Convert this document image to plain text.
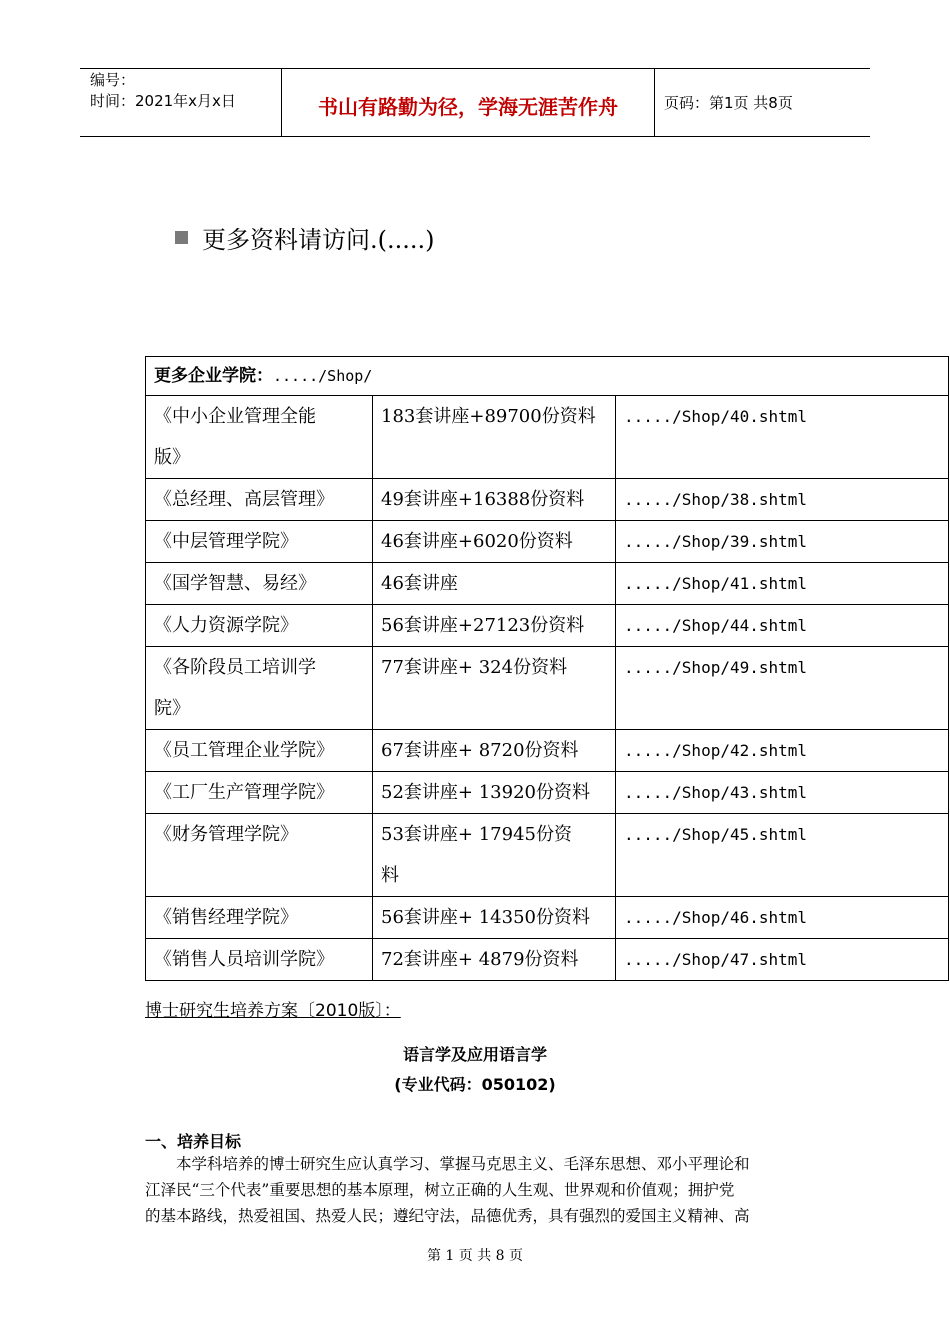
编号：
时间：2021年x月x日	书山有路勤为径，学海无涯苦作舟	页码：第1页 共8页
更多资料请访问.(.....)
更多企业学院：...../Shop/		

《中小企业管理全能
版》	183套讲座+89700份资料	...../Shop/40.shtml

《总经理、高层管理》	49套讲座+16388份资料	...../Shop/38.shtml

《中层管理学院》	46套讲座+6020份资料	...../Shop/39.shtml

《国学智慧、易经》	46套讲座	...../Shop/41.shtml

《人力资源学院》	56套讲座+27123份资料	...../Shop/44.shtml

《各阶段员工培训学
院》	77套讲座+ 324份资料	...../Shop/49.shtml

《员工管理企业学院》	67套讲座+ 8720份资料	...../Shop/42.shtml

《工厂生产管理学院》	52套讲座+ 13920份资料	...../Shop/43.shtml

《财务管理学院》	53套讲座+ 17945份资
料	...../Shop/45.shtml

《销售经理学院》	56套讲座+ 14350份资料	...../Shop/46.shtml

《销售人员培训学院》	72套讲座+ 4879份资料	...../Shop/47.shtml
博士研究生培养方案〔2010版〕：
语言学及应用语言学
(专业代码：050102)
一、培养目标

　　本学科培养的博士研究生应认真学习、掌握马克思主义、毛泽东思想、邓小平理论和

江泽民“三个代表”重要思想的基本原理，树立正确的人生观、世界观和价值观；拥护党

的基本路线，热爱祖国、热爱人民；遵纪守法，品德优秀，具有强烈的爱国主义精神、高

第 1 页 共 8 页
